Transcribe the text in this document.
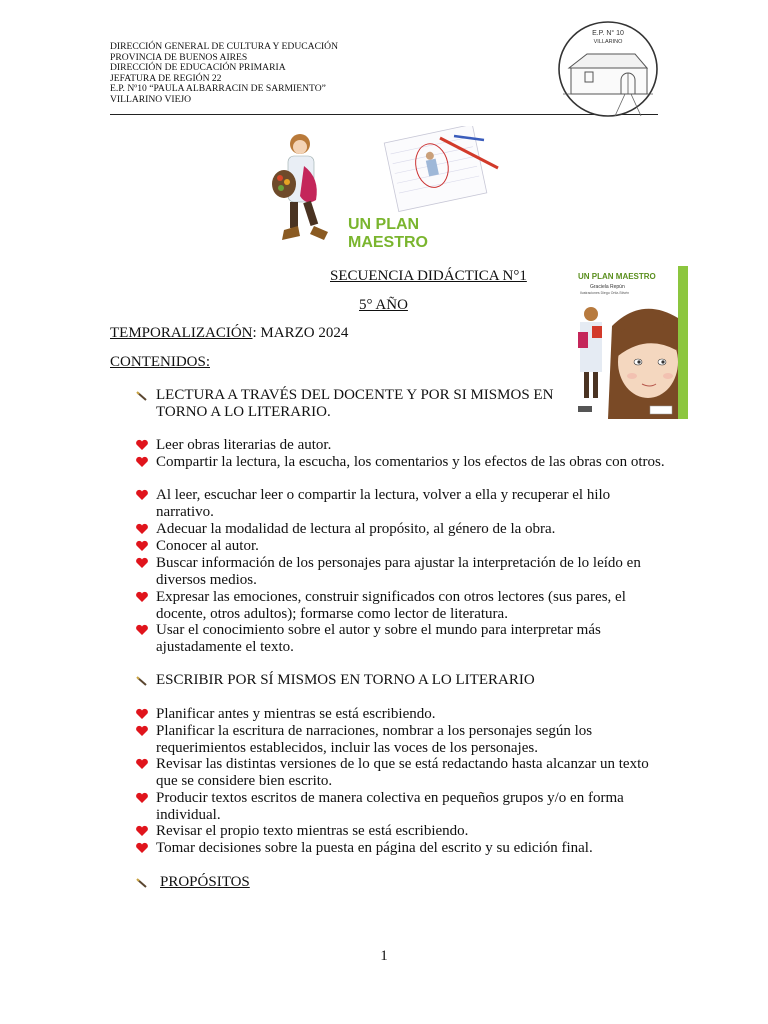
DIRECCIÓN GENERAL DE CULTURA Y EDUCACIÓN
PROVINCIA DE BUENOS AIRES
DIRECCIÓN DE EDUCACIÓN PRIMARIA
JEFATURA DE REGIÓN 22
E.P. Nº10 “PAULA ALBARRACIN DE SARMIENTO”
VILLARINO VIEJO
E.P. N° 10
VILLARINO
UN PLAN
MAESTRO
UN PLAN MAESTRO
Graciela Repún
Ilustraciones Diego Ortiz-Stivén
SECUENCIA DIDÁCTICA N°1
5° AÑO
TEMPORALIZACIÓN: MARZO 2024
CONTENIDOS:
LECTURA A TRAVÉS DEL DOCENTE Y POR SI MISMOS EN TORNO A LO LITERARIO.
Leer obras literarias de autor.
Compartir la lectura, la escucha, los comentarios y los efectos de las obras con otros.
Al leer, escuchar leer o compartir la lectura, volver a ella y recuperar el hilo narrativo.
Adecuar la modalidad de lectura al propósito, al género de la obra.
Conocer al autor.
Buscar información de los personajes para ajustar la interpretación de lo leído en diversos medios.
Expresar las emociones, construir significados con otros lectores (sus pares, el docente, otros adultos); formarse como lector de literatura.
Usar el conocimiento sobre el autor y sobre el mundo para interpretar más ajustadamente el texto.
ESCRIBIR POR SÍ MISMOS EN TORNO A LO LITERARIO
Planificar antes y mientras se está escribiendo.
Planificar la escritura de narraciones, nombrar a los personajes según los requerimientos establecidos, incluir las voces de los personajes.
Revisar las distintas versiones de lo que se está redactando hasta alcanzar un texto que se considere bien escrito.
Producir textos escritos de manera colectiva en pequeños grupos y/o en forma individual.
Revisar el propio texto mientras se está escribiendo.
Tomar decisiones sobre la puesta en página del escrito y su edición final.
PROPÓSITOS
1
